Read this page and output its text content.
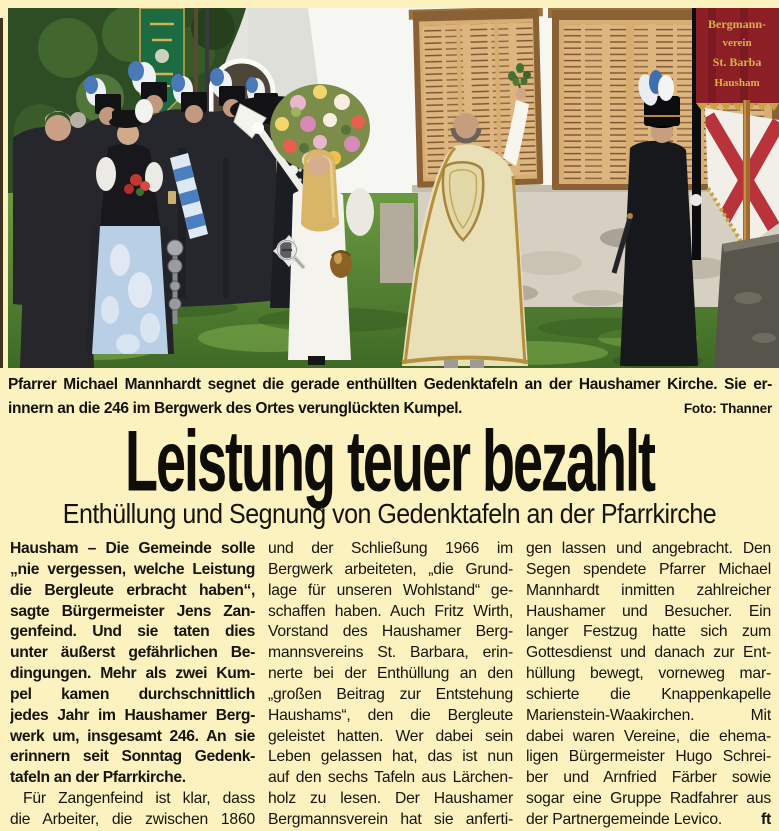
Bergmann-
verein
St. Barba
Hausham
Pfarrer Michael Mannhardt segnet die gerade enthüllten Gedenktafeln an der Haushamer Kirche. Sie er-
innern an die 246 im Bergwerk des Ortes verunglückten Kumpel.	Foto: Thanner
Leistung teuer bezahlt
Enthüllung und Segnung von Gedenktafeln an der Pfarrkirche
Hausham – Die Gemeinde solle
„nie vergessen, welche Leistung
die Bergleute erbracht haben“,
sagte Bürgermeister Jens Zan-
genfeind. Und sie taten dies
unter äußerst gefährlichen Be-
dingungen. Mehr als zwei Kum-
pel kamen durchschnittlich
jedes Jahr im Haushamer Berg-
werk um, insgesamt 246. An sie
erinnern seit Sonntag Gedenk-
tafeln an der Pfarrkirche.
Für Zangenfeind ist klar, dass
die Arbeiter, die zwischen 1860
und der Schließung 1966 im
Bergwerk arbeiteten, „die Grund-
lage für unseren Wohlstand“ ge-
schaffen haben. Auch Fritz Wirth,
Vorstand des Haushamer Berg-
mannsvereins St. Barbara, erin-
nerte bei der Enthüllung an den
„großen Beitrag zur Entstehung
Haushams“, den die Bergleute
geleistet hatten. Wer dabei sein
Leben gelassen hat, das ist nun
auf den sechs Tafeln aus Lärchen-
holz zu lesen. Der Haushamer
Bergmannsverein hat sie anferti-
gen lassen und angebracht. Den
Segen spendete Pfarrer Michael
Mannhardt inmitten zahlreicher
Haushamer und Besucher. Ein
langer Festzug hatte sich zum
Gottesdienst und danach zur Ent-
hüllung bewegt, vorneweg mar-
schierte die Knappenkapelle
Marienstein-Waakirchen. Mit
dabei waren Vereine, die ehema-
ligen Bürgermeister Hugo Schrei-
ber und Arnfried Färber sowie
sogar eine Gruppe Radfahrer aus
der Partnergemeinde Levico. ft
